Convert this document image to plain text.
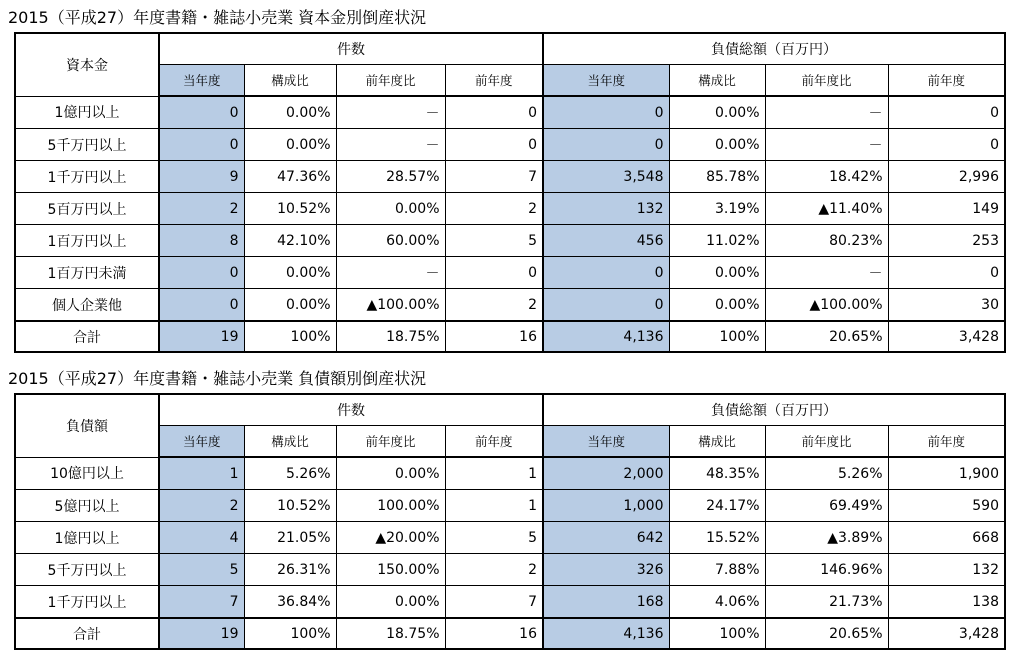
2015（平成27）年度書籍・雑誌小売業 資本金別倒産状況
資本金	件数				負債総額（百万円）			
	当年度	構成比	前年度比	前年度	当年度	構成比	前年度比	前年度
1億円以上	0	0.00%	－	0	0	0.00%	－	0
5千万円以上	0	0.00%	－	0	0	0.00%	－	0
1千万円以上	9	47.36%	28.57%	7	3,548	85.78%	18.42%	2,996
5百万円以上	2	10.52%	0.00%	2	132	3.19%	▲11.40%	149
1百万円以上	8	42.10%	60.00%	5	456	11.02%	80.23%	253
1百万円未満	0	0.00%	－	0	0	0.00%	－	0
個人企業他	0	0.00%	▲100.00%	2	0	0.00%	▲100.00%	30
合計	19	100%	18.75%	16	4,136	100%	20.65%	3,428
2015（平成27）年度書籍・雑誌小売業 負債額別倒産状況
負債額	件数				負債総額（百万円）			
	当年度	構成比	前年度比	前年度	当年度	構成比	前年度比	前年度
10億円以上	1	5.26%	0.00%	1	2,000	48.35%	5.26%	1,900
5億円以上	2	10.52%	100.00%	1	1,000	24.17%	69.49%	590
1億円以上	4	21.05%	▲20.00%	5	642	15.52%	▲3.89%	668
5千万円以上	5	26.31%	150.00%	2	326	7.88%	146.96%	132
1千万円以上	7	36.84%	0.00%	7	168	4.06%	21.73%	138
合計	19	100%	18.75%	16	4,136	100%	20.65%	3,428
